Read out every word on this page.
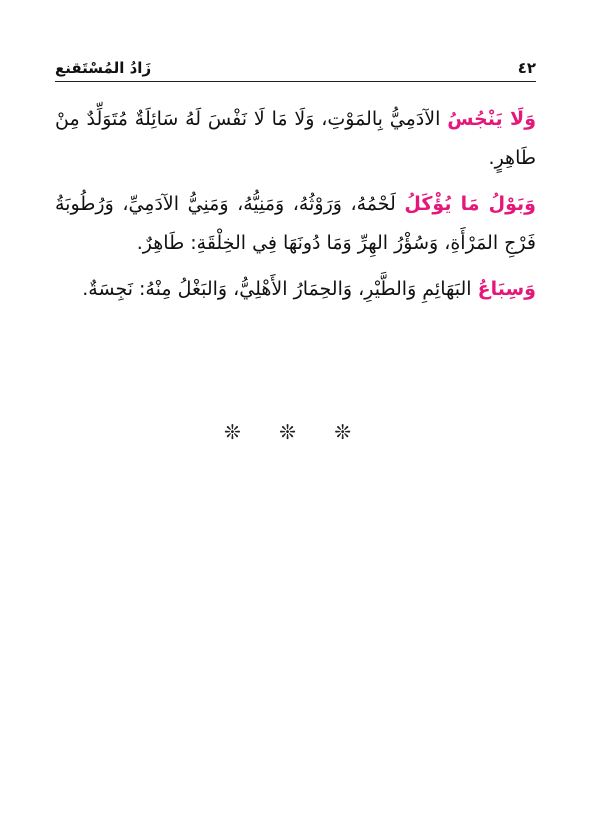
٤٢
زَادُ المُسْتَقنع

وَلَا يَنْجُسُ الآدَمِيُّ بِالمَوْتِ، وَلَا مَا لَا نَفْسَ لَهُ سَائِلَةٌ مُتَوَلِّدٌ مِنْ طَاهِرٍ.

وَبَوْلُ مَا يُؤْكَلُ لَحْمُهُ، وَرَوْثُهُ، وَمَنِيُّهُ، وَمَنِيُّ الآدَمِيِّ، وَرُطُوبَةُ فَرْجِ المَرْأَةِ، وَسُؤْرُ الهِرِّ وَمَا دُونَهَا فِي الخِلْقَةِ: طَاهِرٌ.

وَسِبَاعُ البَهَائِمِ وَالطَّيْرِ، وَالحِمَارُ الأَهْلِيُّ، وَالبَغْلُ مِنْهُ: نَجِسَةٌ.

❊ ❊ ❊
